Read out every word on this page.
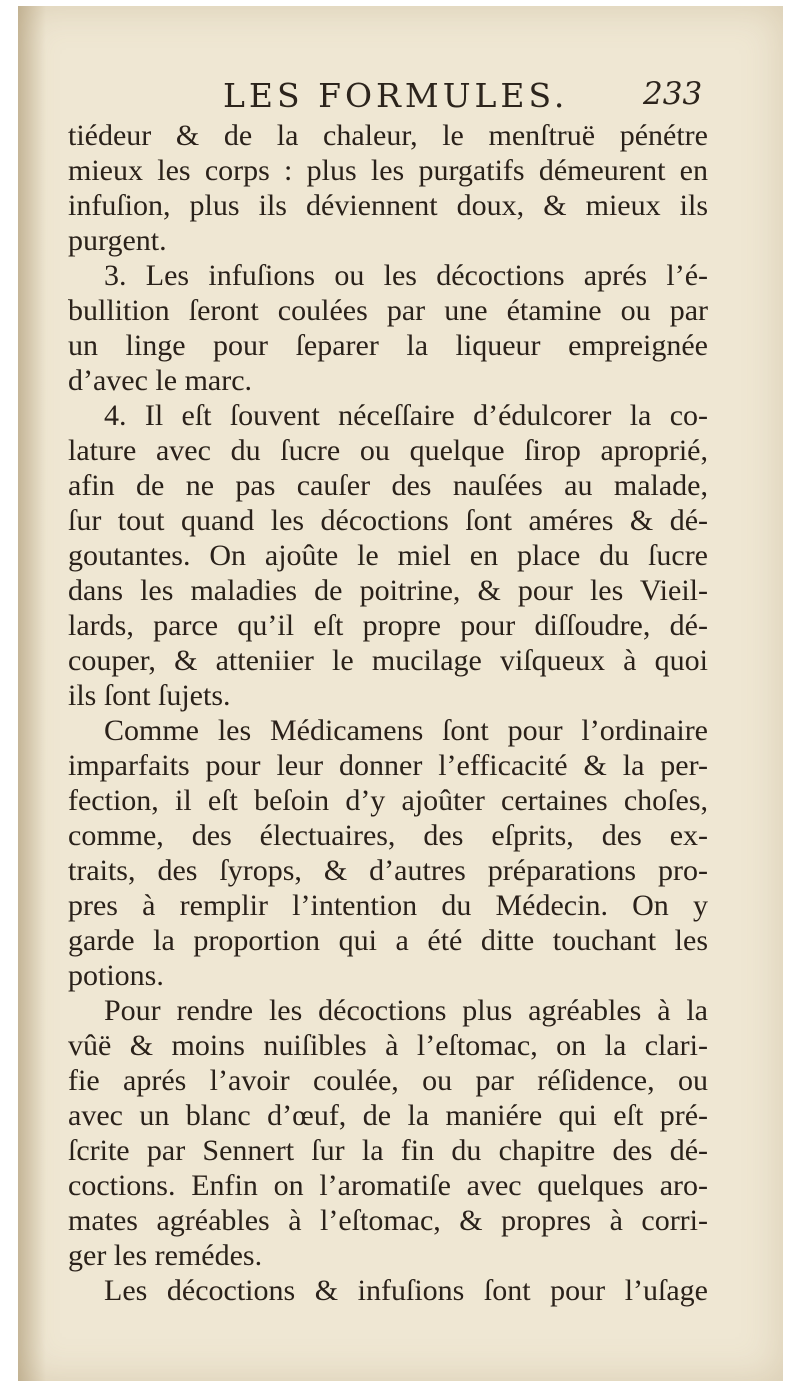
LES FORMULES. 233
tiédeur & de la chaleur, le menſtruë pénétre
mieux les corps : plus les purgatifs démeurent en
infuſion, plus ils déviennent doux, & mieux ils
purgent.
3. Les infuſions ou les décoctions aprés l’é-
bullition ſeront coulées par une étamine ou par
un linge pour ſeparer la liqueur empreignée
d’avec le marc.
4. Il eſt ſouvent néceſſaire d’édulcorer la co-
lature avec du ſucre ou quelque ſirop aproprié,
afin de ne pas cauſer des nauſées au malade,
ſur tout quand les décoctions ſont améres & dé-
goutantes. On ajoûte le miel en place du ſucre
dans les maladies de poitrine, & pour les Vieil-
lards, parce qu’il eſt propre pour diſſoudre, dé-
couper, & atteniier le mucilage viſqueux à quoi
ils ſont ſujets.
Comme les Médicamens ſont pour l’ordinaire
imparfaits pour leur donner l’efficacité & la per-
fection, il eſt beſoin d’y ajoûter certaines choſes,
comme, des électuaires, des eſprits, des ex-
traits, des ſyrops, & d’autres préparations pro-
pres à remplir l’intention du Médecin. On y
garde la proportion qui a été ditte touchant les
potions.
Pour rendre les décoctions plus agréables à la
vûë & moins nuiſibles à l’eſtomac, on la clari-
fie aprés l’avoir coulée, ou par réſidence, ou
avec un blanc d’œuf, de la maniére qui eſt pré-
ſcrite par Sennert ſur la fin du chapitre des dé-
coctions. Enfin on l’aromatiſe avec quelques aro-
mates agréables à l’eſtomac, & propres à corri-
ger les remédes.
Les décoctions & infuſions ſont pour l’uſage
